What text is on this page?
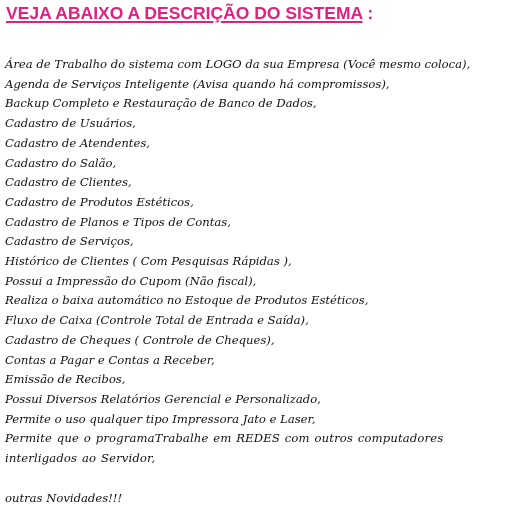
VEJA ABAIXO A DESCRIÇÃO DO SISTEMA :
Área de Trabalho do sistema com LOGO da sua Empresa (Você mesmo coloca),
Agenda de Serviços Inteligente (Avisa quando há compromissos),
Backup Completo e Restauração de Banco de Dados,
Cadastro de Usuários,
Cadastro de Atendentes,
Cadastro do Salão,
Cadastro de Clientes,
Cadastro de Produtos Estéticos,
Cadastro de Planos e Tipos de Contas,
Cadastro de Serviços,
Histórico de Clientes ( Com Pesquisas Rápidas ),
Possui a Impressão do Cupom (Não fiscal),
Realiza o baixa automático no Estoque de Produtos Estéticos,
Fluxo de Caixa (Controle Total de Entrada e Saída),
Cadastro de Cheques ( Controle de Cheques),
Contas a Pagar e Contas a Receber,
Emissão de Recibos,
Possui Diversos Relatórios Gerencial e Personalizado,
Permite o uso qualquer tipo Impressora Jato e Laser,
Permite que o programaTrabalhe em REDES com outros computadores interligados ao Servidor,

outras Novidades!!!
